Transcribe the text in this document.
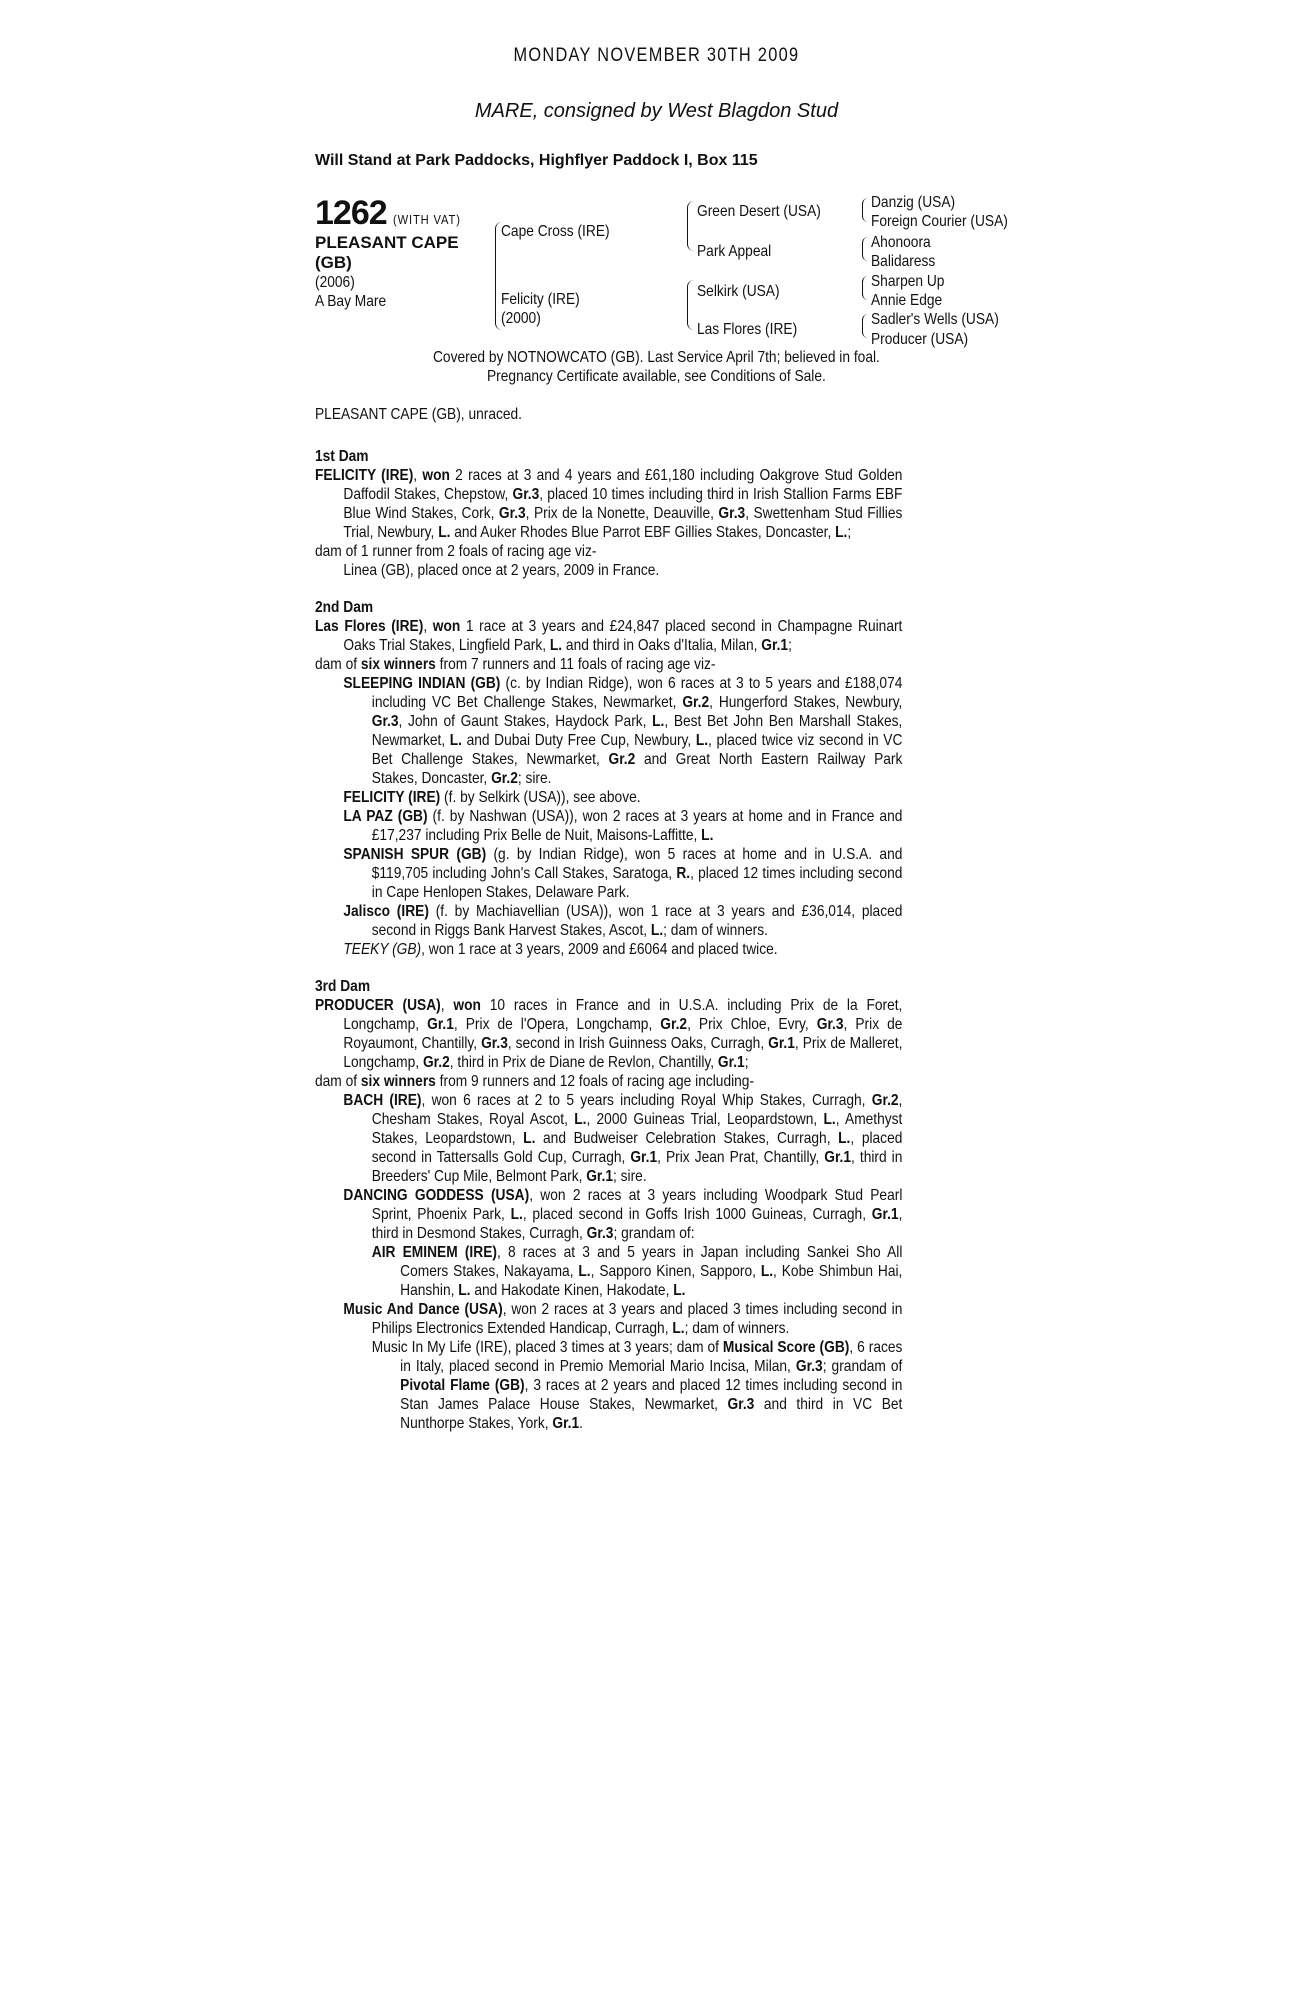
MONDAY NOVEMBER 30TH 2009
MARE, consigned by West Blagdon Stud
Will Stand at Park Paddocks, Highflyer Paddock I, Box 115
1262 (WITH VAT)
PLEASANT CAPE (GB)
(2006)
A Bay Mare
Cape Cross (IRE)
Felicity (IRE)
(2000)
Green Desert (USA)
Park Appeal
Selkirk (USA)
Las Flores (IRE)
Danzig (USA)
Foreign Courier (USA)
Ahonoora
Balidaress
Sharpen Up
Annie Edge
Sadler's Wells (USA)
Producer (USA)
Covered by NOTNOWCATO (GB). Last Service April 7th; believed in foal.
Pregnancy Certificate available, see Conditions of Sale.

PLEASANT CAPE (GB), unraced.

1st Dam

FELICITY (IRE), won 2 races at 3 and 4 years and £61,180 including Oakgrove Stud Golden Daffodil Stakes, Chepstow, Gr.3, placed 10 times including third in Irish Stallion Farms EBF Blue Wind Stakes, Cork, Gr.3, Prix de la Nonette, Deauville, Gr.3, Swettenham Stud Fillies Trial, Newbury, L. and Auker Rhodes Blue Parrot EBF Gillies Stakes, Doncaster, L.;

dam of 1 runner from 2 foals of racing age viz-

Linea (GB), placed once at 2 years, 2009 in France.

2nd Dam

Las Flores (IRE), won 1 race at 3 years and £24,847 placed second in Champagne Ruinart Oaks Trial Stakes, Lingfield Park, L. and third in Oaks d'Italia, Milan, Gr.1;

dam of six winners from 7 runners and 11 foals of racing age viz-

SLEEPING INDIAN (GB) (c. by Indian Ridge), won 6 races at 3 to 5 years and £188,074 including VC Bet Challenge Stakes, Newmarket, Gr.2, Hungerford Stakes, Newbury, Gr.3, John of Gaunt Stakes, Haydock Park, L., Best Bet John Ben Marshall Stakes, Newmarket, L. and Dubai Duty Free Cup, Newbury, L., placed twice viz second in VC Bet Challenge Stakes, Newmarket, Gr.2 and Great North Eastern Railway Park Stakes, Doncaster, Gr.2; sire.

FELICITY (IRE) (f. by Selkirk (USA)), see above.

LA PAZ (GB) (f. by Nashwan (USA)), won 2 races at 3 years at home and in France and £17,237 including Prix Belle de Nuit, Maisons-Laffitte, L.

SPANISH SPUR (GB) (g. by Indian Ridge), won 5 races at home and in U.S.A. and $119,705 including John's Call Stakes, Saratoga, R., placed 12 times including second in Cape Henlopen Stakes, Delaware Park.

Jalisco (IRE) (f. by Machiavellian (USA)), won 1 race at 3 years and £36,014, placed second in Riggs Bank Harvest Stakes, Ascot, L.; dam of winners.

TEEKY (GB), won 1 race at 3 years, 2009 and £6064 and placed twice.

3rd Dam

PRODUCER (USA), won 10 races in France and in U.S.A. including Prix de la Foret, Longchamp, Gr.1, Prix de l'Opera, Longchamp, Gr.2, Prix Chloe, Evry, Gr.3, Prix de Royaumont, Chantilly, Gr.3, second in Irish Guinness Oaks, Curragh, Gr.1, Prix de Malleret, Longchamp, Gr.2, third in Prix de Diane de Revlon, Chantilly, Gr.1;

dam of six winners from 9 runners and 12 foals of racing age including-

BACH (IRE), won 6 races at 2 to 5 years including Royal Whip Stakes, Curragh, Gr.2, Chesham Stakes, Royal Ascot, L., 2000 Guineas Trial, Leopardstown, L., Amethyst Stakes, Leopardstown, L. and Budweiser Celebration Stakes, Curragh, L., placed second in Tattersalls Gold Cup, Curragh, Gr.1, Prix Jean Prat, Chantilly, Gr.1, third in Breeders' Cup Mile, Belmont Park, Gr.1; sire.

DANCING GODDESS (USA), won 2 races at 3 years including Woodpark Stud Pearl Sprint, Phoenix Park, L., placed second in Goffs Irish 1000 Guineas, Curragh, Gr.1, third in Desmond Stakes, Curragh, Gr.3; grandam of:

AIR EMINEM (IRE), 8 races at 3 and 5 years in Japan including Sankei Sho All Comers Stakes, Nakayama, L., Sapporo Kinen, Sapporo, L., Kobe Shimbun Hai, Hanshin, L. and Hakodate Kinen, Hakodate, L.

Music And Dance (USA), won 2 races at 3 years and placed 3 times including second in Philips Electronics Extended Handicap, Curragh, L.; dam of winners.

Music In My Life (IRE), placed 3 times at 3 years; dam of Musical Score (GB), 6 races in Italy, placed second in Premio Memorial Mario Incisa, Milan, Gr.3; grandam of Pivotal Flame (GB), 3 races at 2 years and placed 12 times including second in Stan James Palace House Stakes, Newmarket, Gr.3 and third in VC Bet Nunthorpe Stakes, York, Gr.1.
